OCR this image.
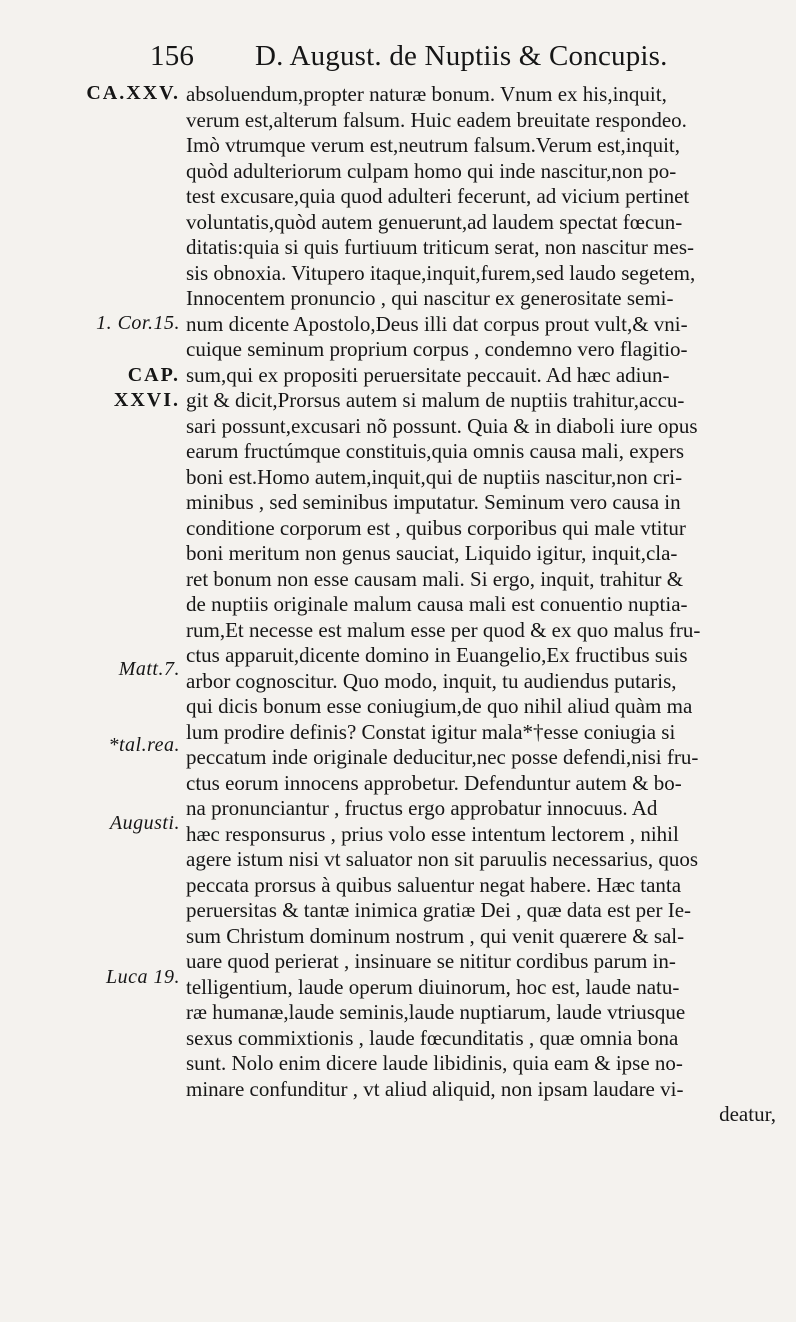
156 D. August. de Nuptiis & Concupis.
CA.XXV.
1. Cor.15.
CAP.
XXVI.
Matt.7.
*tal.rea.
Augusti.
Luca 19.
absoluendum,propter naturæ bonum. Vnum ex his,inquit,
verum est,alterum falsum. Huic eadem breuitate respondeo.
Imò vtrumque verum est,neutrum falsum.Verum est,inquit,
quòd adulteriorum culpam homo qui inde nascitur,non po-
test excusare,quia quod adulteri fecerunt, ad vicium pertinet
voluntatis,quòd autem genuerunt,ad laudem spectat fœcun-
ditatis:quia si quis furtiuum triticum serat, non nascitur mes-
sis obnoxia. Vitupero itaque,inquit,furem,sed laudo segetem,
Innocentem pronuncio , qui nascitur ex generositate semi-
num dicente Apostolo,Deus illi dat corpus prout vult,& vni-
cuique seminum proprium corpus , condemno vero flagitio-
sum,qui ex propositi peruersitate peccauit. Ad hæc adiun-
git & dicit,Prorsus autem si malum de nuptiis trahitur,accu-
sari possunt,excusari nõ possunt. Quia & in diaboli iure opus
earum fructúmque constituis,quia omnis causa mali, expers
boni est.Homo autem,inquit,qui de nuptiis nascitur,non cri-
minibus , sed seminibus imputatur. Seminum vero causa in
conditione corporum est , quibus corporibus qui male vtitur
boni meritum non genus sauciat, Liquido igitur, inquit,cla-
ret bonum non esse causam mali. Si ergo, inquit, trahitur &
de nuptiis originale malum causa mali est conuentio nuptia-
rum,Et necesse est malum esse per quod & ex quo malus fru-
ctus apparuit,dicente domino in Euangelio,Ex fructibus suis
arbor cognoscitur. Quo modo, inquit, tu audiendus putaris,
qui dicis bonum esse coniugium,de quo nihil aliud quàm ma
lum prodire definis? Constat igitur mala*†esse coniugia si
peccatum inde originale deducitur,nec posse defendi,nisi fru-
ctus eorum innocens approbetur. Defenduntur autem & bo-
na pronunciantur , fructus ergo approbatur innocuus. Ad
hæc responsurus , prius volo esse intentum lectorem , nihil
agere istum nisi vt saluator non sit paruulis necessarius, quos
peccata prorsus à quibus saluentur negat habere. Hæc tanta
peruersitas & tantæ inimica gratiæ Dei , quæ data est per Ie-
sum Christum dominum nostrum , qui venit quærere & sal-
uare quod perierat , insinuare se nititur cordibus parum in-
telligentium, laude operum diuinorum, hoc est, laude natu-
ræ humanæ,laude seminis,laude nuptiarum, laude vtriusque
sexus commixtionis , laude fœcunditatis , quæ omnia bona
sunt. Nolo enim dicere laude libidinis, quia eam & ipse no-
minare confunditur , vt aliud aliquid, non ipsam laudare vi-
deatur,
